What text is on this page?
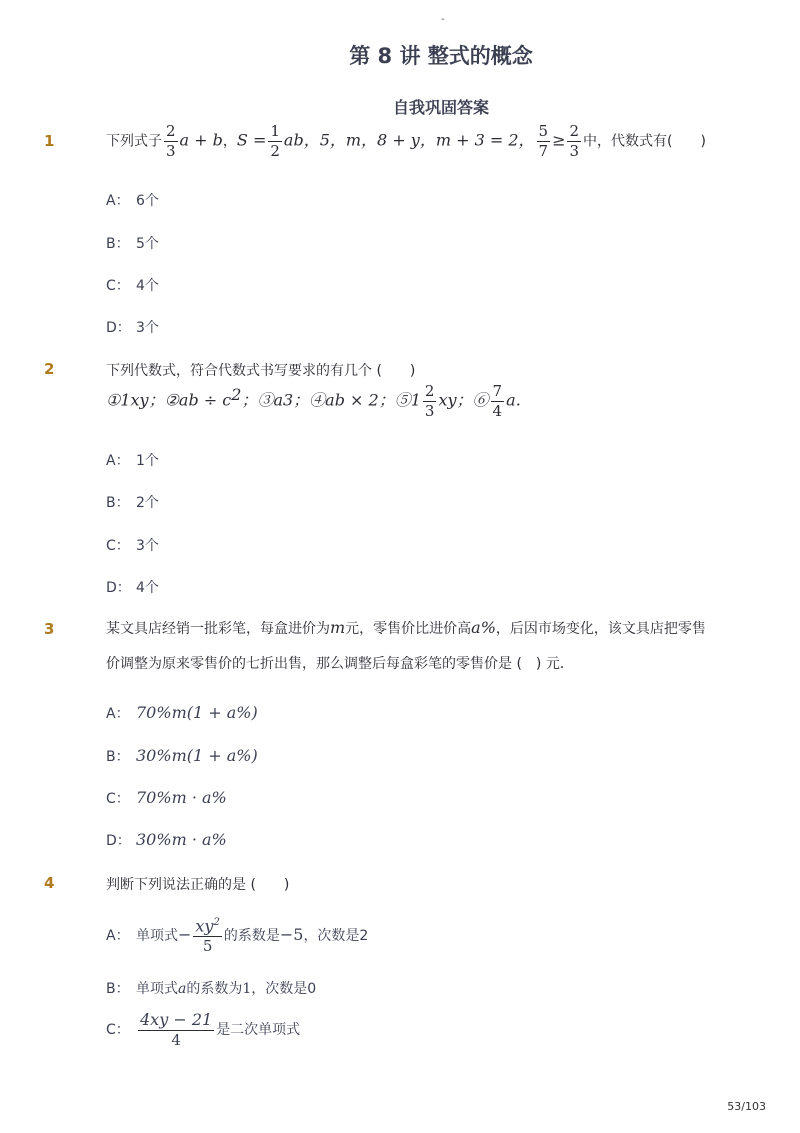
-
第 8 讲 整式的概念
自我巩固答案
1	下列式子 $\frac{2}{3}$ a + b，$S = \frac{1}{2}$ ab，5，m，8 + y，m + 3 = 2， $\frac{5}{7} \ge \frac{2}{3}$ 中，代数式有(　　)
A： 6个
B： 5个
C： 4个
D： 3个
2	下列代数式，符合代数式书写要求的有几个 (　　)
①1xy；②ab ÷ $c^2$；③a3；④ab × 2；⑤1 $\frac{2}{3}$ xy；⑥ $\frac{7}{4}$ a．
A： 1个
B： 2个
C： 3个
D： 4个
3	某文具店经销一批彩笔，每盒进价为m元，零售价比进价高a%，后因市场变化，该文具店把零售
价调整为原来零售价的七折出售，那么调整后每盒彩笔的零售价是 (　) 元．
A： 70%m(1 + a%)
B： 30%m(1 + a%)
C： 70%m · a%
D： 30%m · a%
4	判断下列说法正确的是 (　　)
A： 单项式− $\frac{xy^2}{5}$ 的系数是−5，次数是2
B： 单项式a的系数为1，次数是0
C： $\frac{4xy - 21}{4}$ 是二次单项式
53/103
